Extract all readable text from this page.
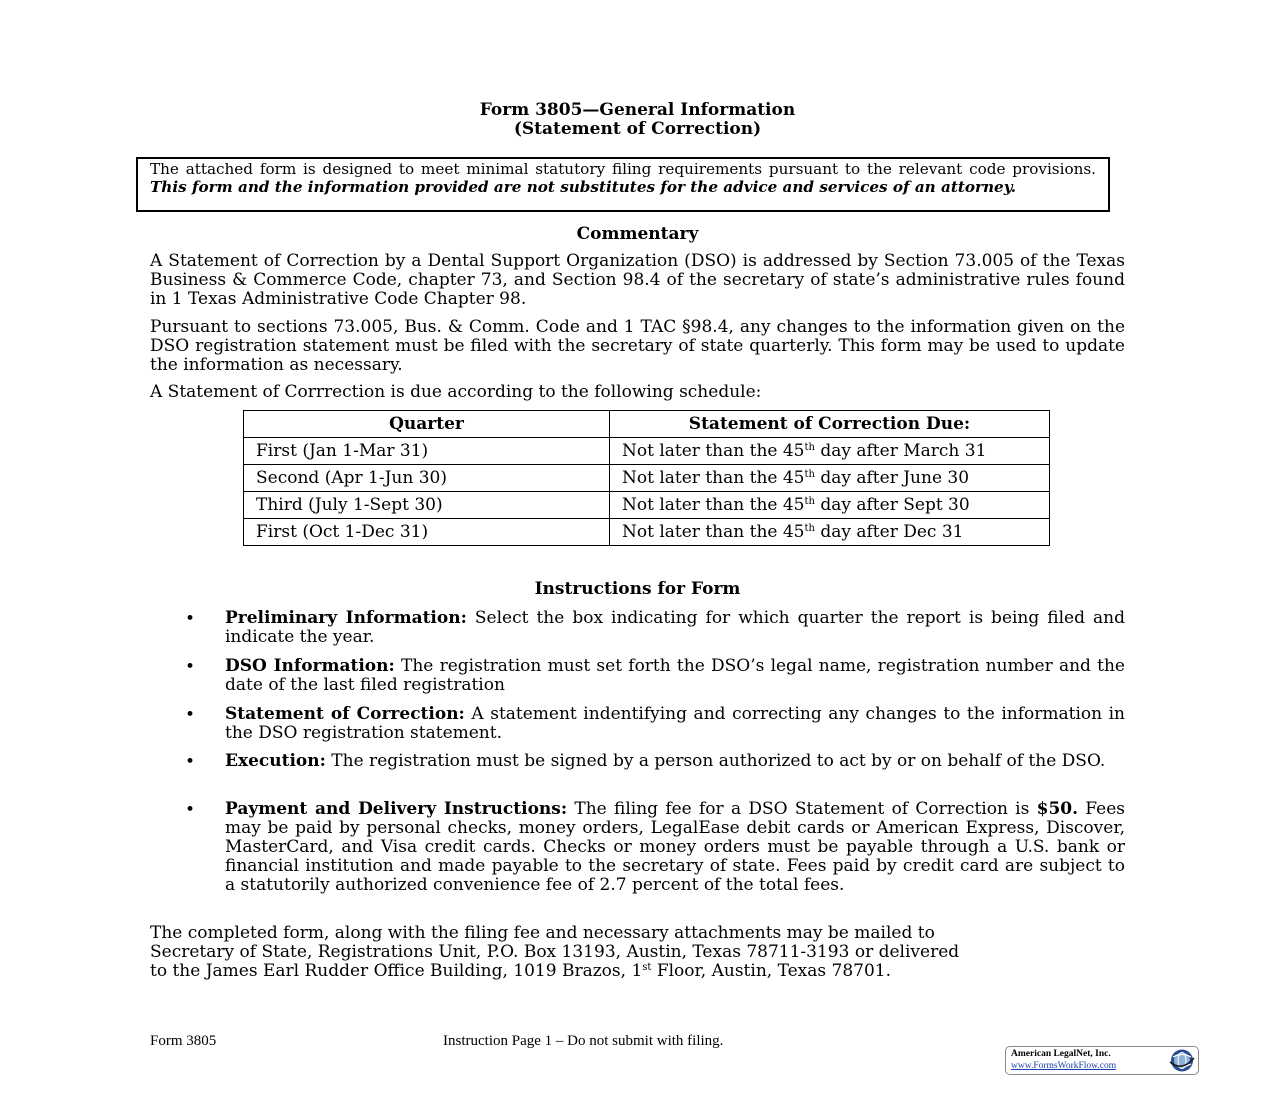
Form 3805—General Information
(Statement of Correction)
The attached form is designed to meet minimal statutory filing requirements pursuant to the relevant code provisions. This form and the information provided are not substitutes for the advice and services of an attorney.
Commentary
A Statement of Correction by a Dental Support Organization (DSO) is addressed by Section 73.005 of the Texas Business & Commerce Code, chapter 73, and Section 98.4 of the secretary of state’s administrative rules found in 1 Texas Administrative Code Chapter 98.
Pursuant to sections 73.005, Bus. & Comm. Code and 1 TAC §98.4, any changes to the information given on the DSO registration statement must be filed with the secretary of state quarterly. This form may be used to update the information as necessary.
A Statement of Corrrection is due according to the following schedule:
Quarter	Statement of Correction Due:
First (Jan 1-Mar 31)	Not later than the 45th day after March 31
Second (Apr 1-Jun 30)	Not later than the 45th day after June 30
Third (July 1-Sept 30)	Not later than the 45th day after Sept 30
First (Oct 1-Dec 31)	Not later than the 45th day after Dec 31
Instructions for Form
• Preliminary Information: Select the box indicating for which quarter the report is being filed and indicate the year.
• DSO Information: The registration must set forth the DSO’s legal name, registration number and the date of the last filed registration
• Statement of Correction: A statement indentifying and correcting any changes to the information in the DSO registration statement.
• Execution: The registration must be signed by a person authorized to act by or on behalf of the DSO.
• Payment and Delivery Instructions: The filing fee for a DSO Statement of Correction is $50. Fees may be paid by personal checks, money orders, LegalEase debit cards or American Express, Discover, MasterCard, and Visa credit cards. Checks or money orders must be payable through a U.S. bank or financial institution and made payable to the secretary of state. Fees paid by credit card are subject to a statutorily authorized convenience fee of 2.7 percent of the total fees.
The completed form, along with the filing fee and necessary attachments may be mailed to
Secretary of State, Registrations Unit, P.O. Box 13193, Austin, Texas 78711-3193 or delivered
to the James Earl Rudder Office Building, 1019 Brazos, 1st Floor, Austin, Texas 78701.
Form 3805	Instruction Page 1 – Do not submit with filing.
American LegalNet, Inc.
www.FormsWorkFlow.com
